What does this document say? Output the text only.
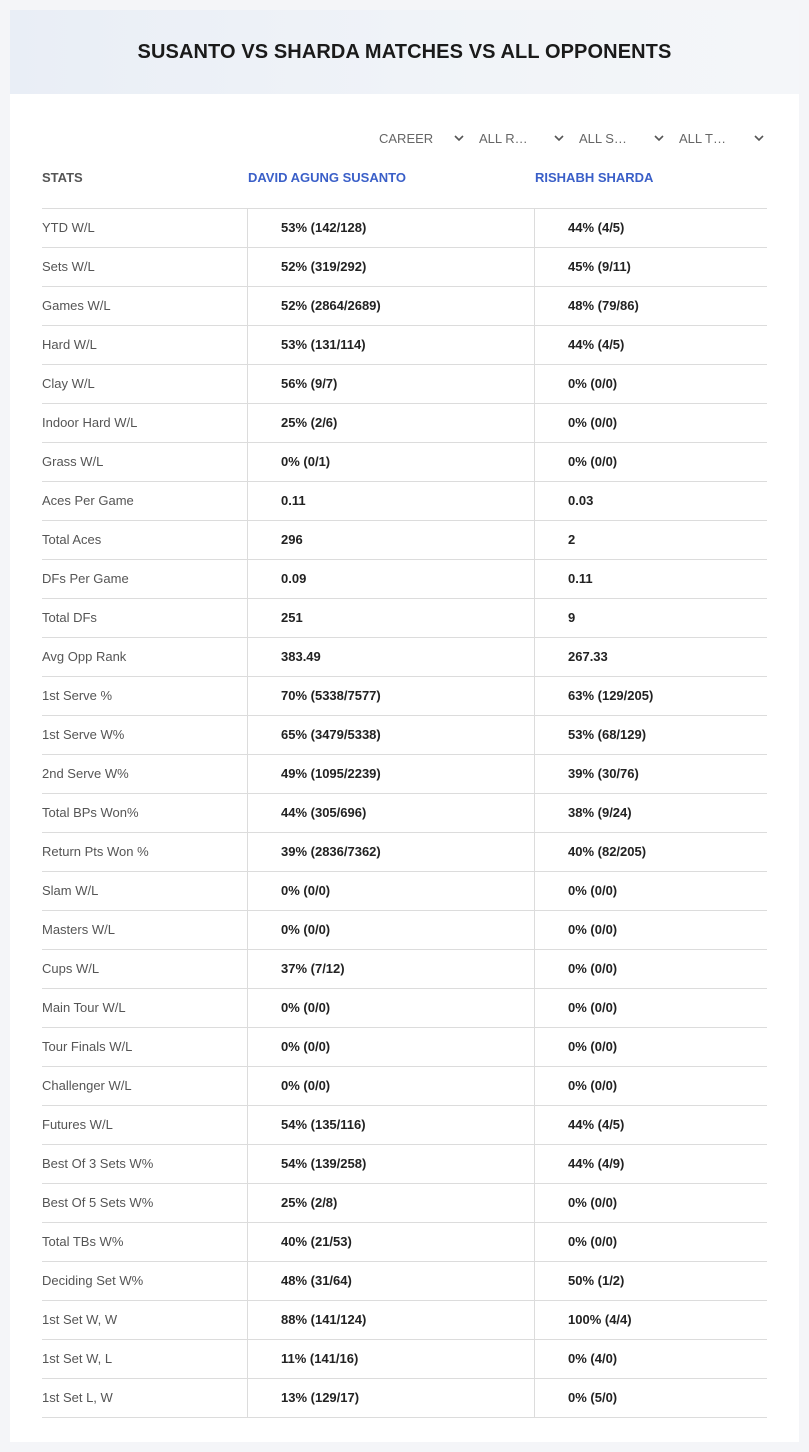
SUSANTO VS SHARDA MATCHES VS ALL OPPONENTS
CAREER	ALL R…	ALL S…	ALL T…
STATS	DAVID AGUNG SUSANTO	RISHABH SHARDA
YTD W/L	53% (142/128)	44% (4/5)
Sets W/L	52% (319/292)	45% (9/11)
Games W/L	52% (2864/2689)	48% (79/86)
Hard W/L	53% (131/114)	44% (4/5)
Clay W/L	56% (9/7)	0% (0/0)
Indoor Hard W/L	25% (2/6)	0% (0/0)
Grass W/L	0% (0/1)	0% (0/0)
Aces Per Game	0.11	0.03
Total Aces	296	2
DFs Per Game	0.09	0.11
Total DFs	251	9
Avg Opp Rank	383.49	267.33
1st Serve %	70% (5338/7577)	63% (129/205)
1st Serve W%	65% (3479/5338)	53% (68/129)
2nd Serve W%	49% (1095/2239)	39% (30/76)
Total BPs Won%	44% (305/696)	38% (9/24)
Return Pts Won %	39% (2836/7362)	40% (82/205)
Slam W/L	0% (0/0)	0% (0/0)
Masters W/L	0% (0/0)	0% (0/0)
Cups W/L	37% (7/12)	0% (0/0)
Main Tour W/L	0% (0/0)	0% (0/0)
Tour Finals W/L	0% (0/0)	0% (0/0)
Challenger W/L	0% (0/0)	0% (0/0)
Futures W/L	54% (135/116)	44% (4/5)
Best Of 3 Sets W%	54% (139/258)	44% (4/9)
Best Of 5 Sets W%	25% (2/8)	0% (0/0)
Total TBs W%	40% (21/53)	0% (0/0)
Deciding Set W%	48% (31/64)	50% (1/2)
1st Set W, W	88% (141/124)	100% (4/4)
1st Set W, L	11% (141/16)	0% (4/0)
1st Set L, W	13% (129/17)	0% (5/0)
